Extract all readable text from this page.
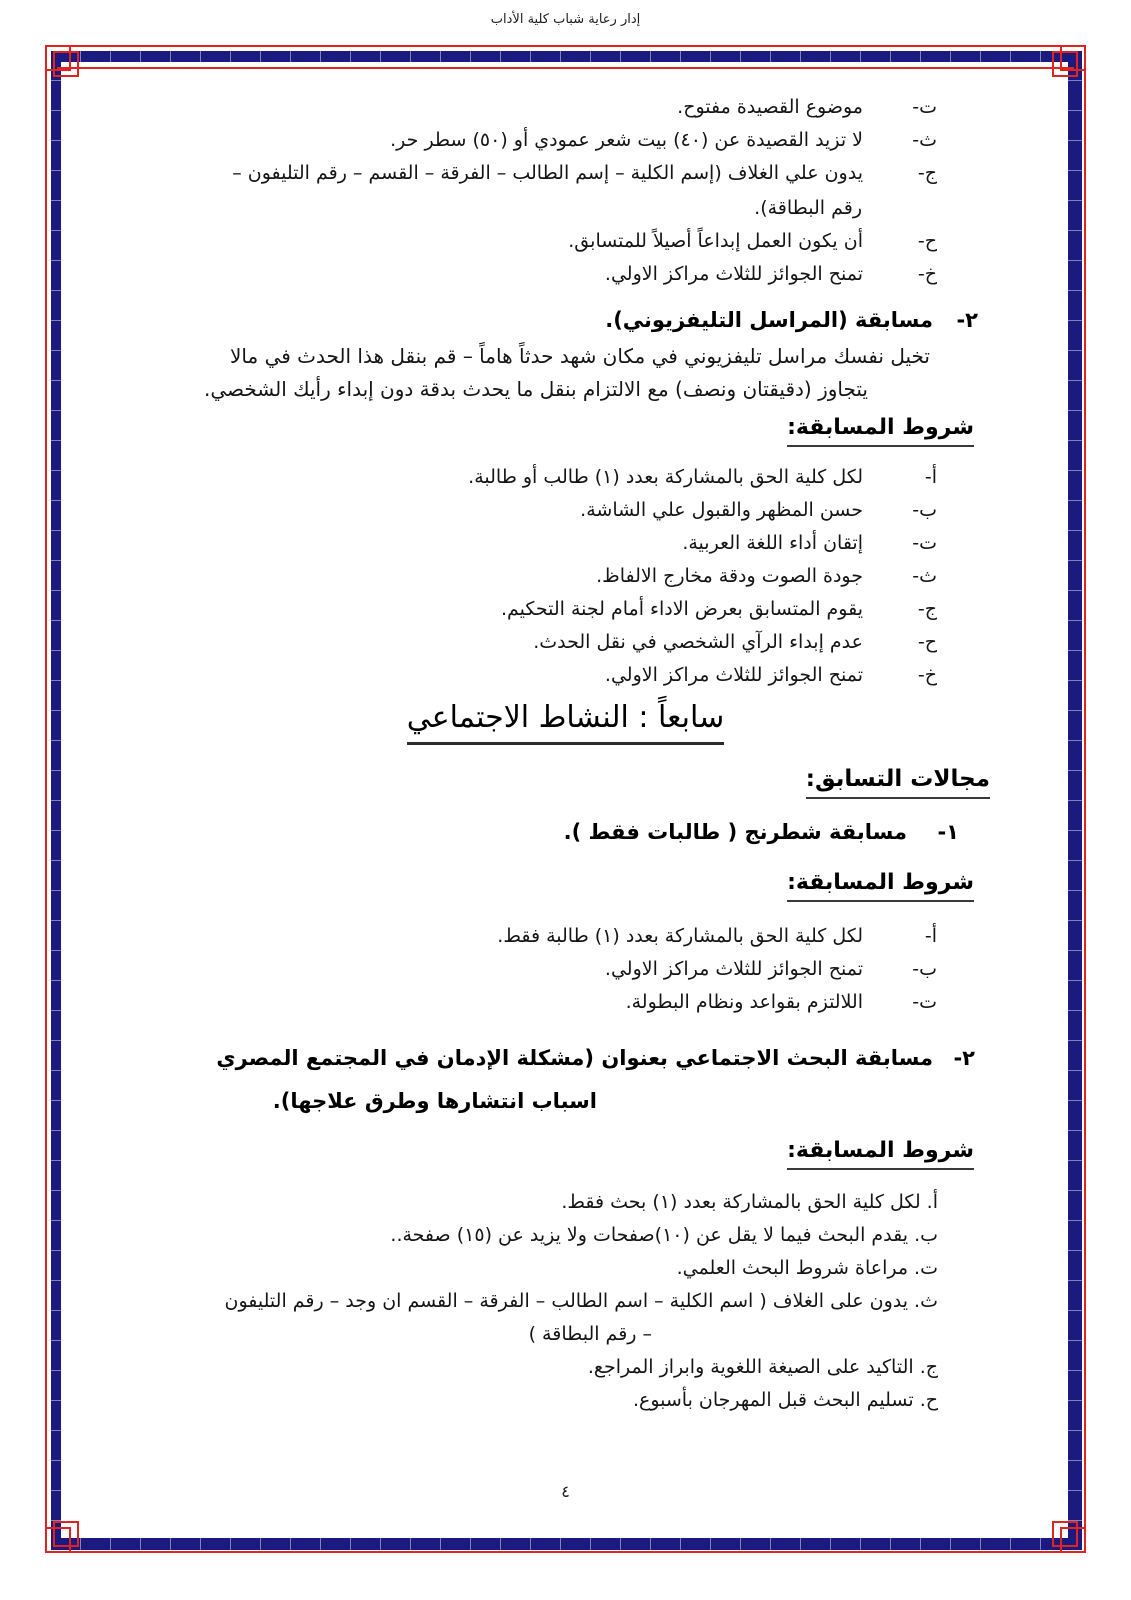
إدار رعاية شباب كلية الأداب
ت-
موضوع القصيدة مفتوح.
ث-
لا تزيد القصيدة عن (٤٠) بيت شعر عمودي أو (٥٠) سطر حر.
ج-
يدون علي الغلاف (إسم الكلية – إسم الطالب – الفرقة – القسم – رقم التليفون –
رقم البطاقة).
ح-
أن يكون العمل إبداعاً أصيلاً للمتسابق.
خ-
تمنح الجوائز للثلاث مراكز الاولي.
٢-
مسابقة (المراسل التليفزيوني).
تخيل نفسك مراسل تليفزيوني في مكان شهد حدثاً هاماً – قم بنقل هذا الحدث في مالا
يتجاوز (دقيقتان ونصف) مع الالتزام بنقل ما يحدث بدقة دون إبداء رأيك الشخصي.
شروط المسابقة:
أ-
لكل كلية الحق بالمشاركة بعدد (١) طالب أو طالبة.
ب-
حسن المظهر والقبول علي الشاشة.
ت-
إتقان أداء اللغة العربية.
ث-
جودة الصوت ودقة مخارج الالفاظ.
ج-
يقوم المتسابق بعرض الاداء أمام لجنة التحكيم.
ح-
عدم إبداء الرآي الشخصي في نقل الحدث.
خ-
تمنح الجوائز للثلاث مراكز الاولي.
سابعاً : النشاط الاجتماعي
مجالات التسابق:
١-
مسابقة شطرنج ( طالبات فقط ).
شروط المسابقة:
أ-
لكل كلية الحق بالمشاركة بعدد (١) طالبة فقط.
ب-
تمنح الجوائز للثلاث مراكز الاولي.
ت-
اللالتزم بقواعد ونظام البطولة.
٢-
مسابقة البحث الاجتماعي بعنوان (مشكلة الإدمان في المجتمع المصري
اسباب انتشارها وطرق علاجها).
شروط المسابقة:
أ. لكل كلية الحق بالمشاركة بعدد (١) بحث فقط.
ب. يقدم البحث فيما لا يقل عن (١٠)صفحات ولا يزيد عن (١٥) صفحة..
ت. مراعاة شروط البحث العلمي.
ث. يدون على الغلاف ( اسم الكلية – اسم الطالب – الفرقة – القسم ان وجد – رقم التليفون
– رقم البطاقة )
ج. التاكيد على الصيغة اللغوية وابراز المراجع.
ح. تسليم البحث قبل المهرجان بأسبوع.
٤
